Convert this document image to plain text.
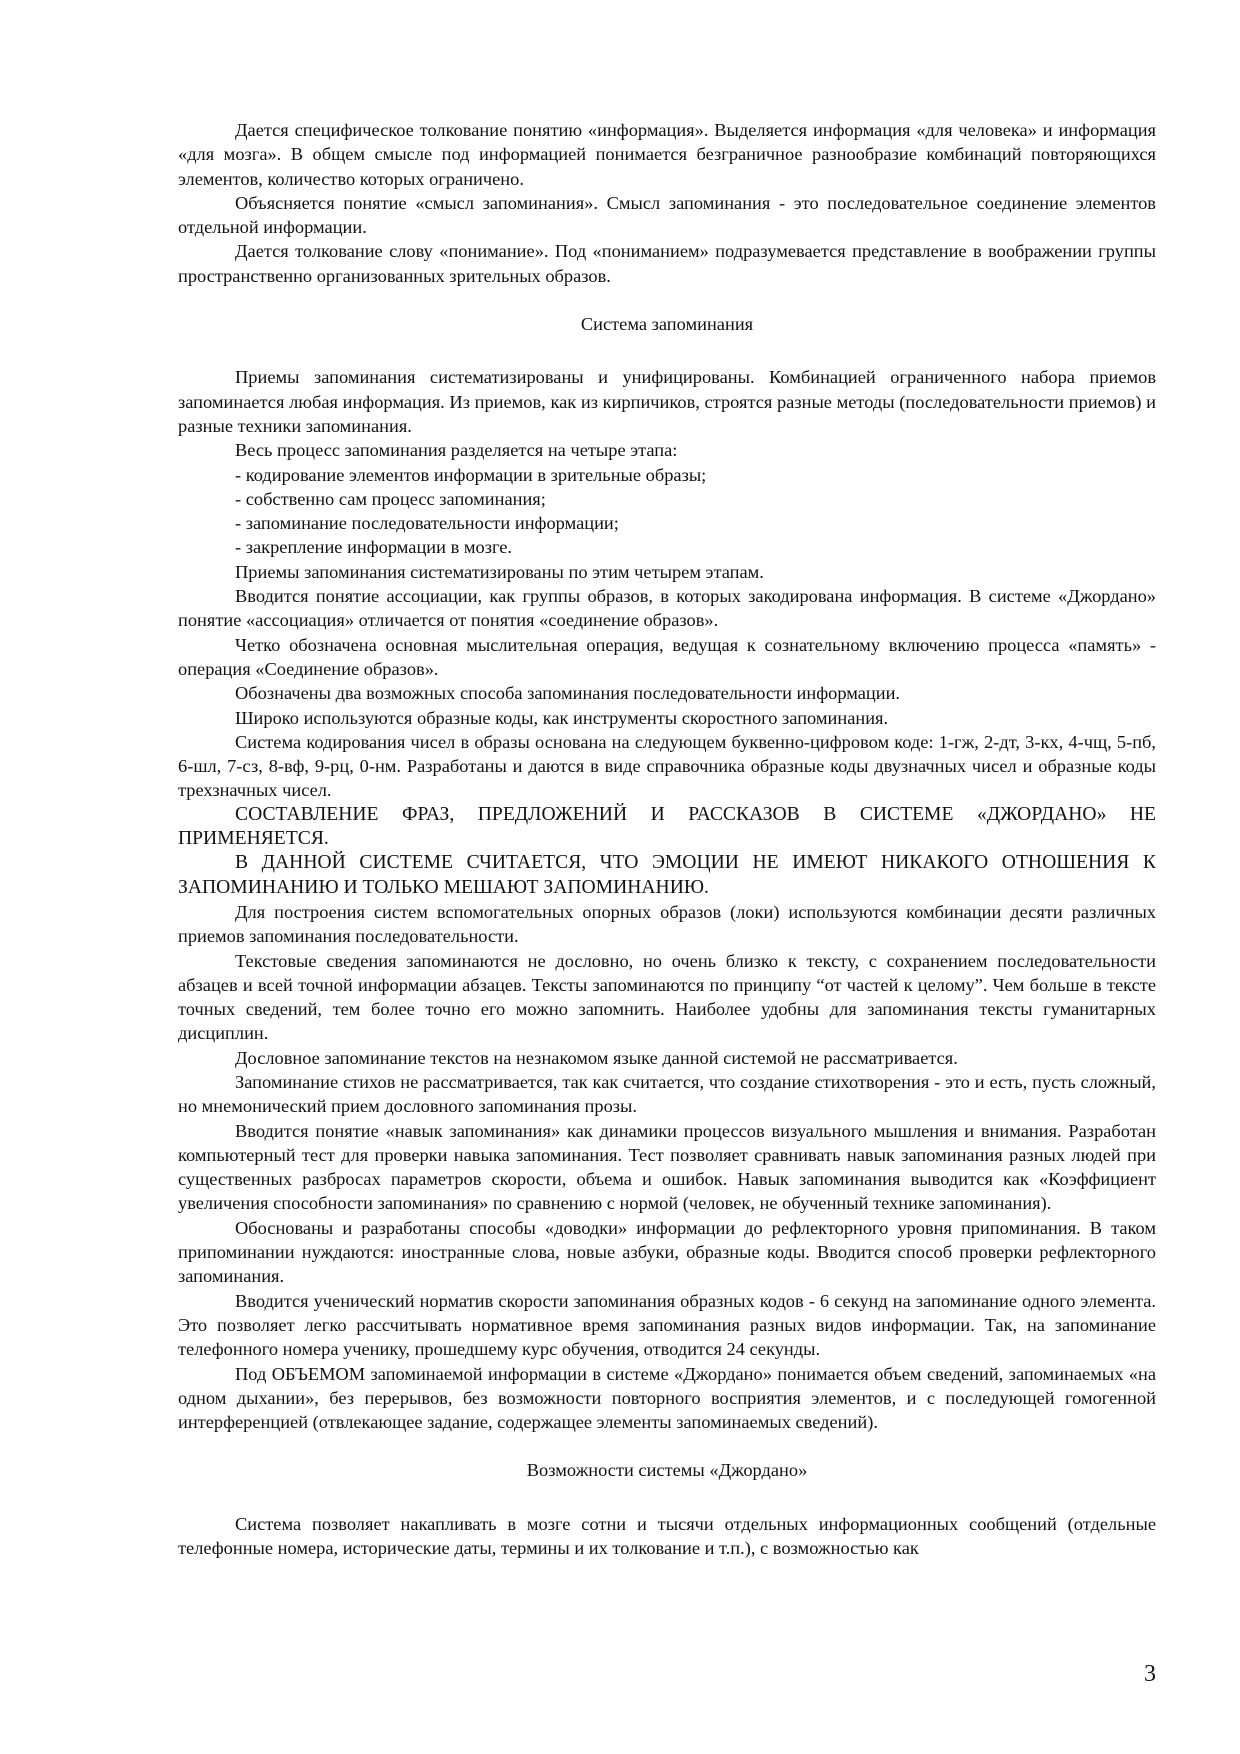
Дается специфическое толкование понятию «информация». Выделяется информация «для человека» и информация «для мозга». В общем смысле под информацией понимается безграничное разнообразие комбинаций повторяющихся элементов, количество которых ограничено.

Объясняется понятие «смысл запоминания». Смысл запоминания - это последовательное соединение элементов отдельной информации.

Дается толкование слову «понимание». Под «пониманием» подразумевается представление в воображении группы пространственно организованных зрительных образов.

Система запоминания

Приемы запоминания систематизированы и унифицированы. Комбинацией ограниченного набора приемов запоминается любая информация. Из приемов, как из кирпичиков, строятся разные методы (последовательности приемов) и разные техники запоминания.

Весь процесс запоминания разделяется на четыре этапа:

- кодирование элементов информации в зрительные образы;

- собственно сам процесс запоминания;

- запоминание последовательности информации;

- закрепление информации в мозге.

Приемы запоминания систематизированы по этим четырем этапам.

Вводится понятие ассоциации, как группы образов, в которых закодирована информация. В системе «Джордано» понятие «ассоциация» отличается от понятия «соединение образов».

Четко обозначена основная мыслительная операция, ведущая к сознательному включению процесса «память» - операция «Соединение образов».

Обозначены два возможных способа запоминания последовательности информации.

Широко используются образные коды, как инструменты скоростного запоминания.

Система кодирования чисел в образы основана на следующем буквенно-цифровом коде: 1-гж, 2-дт, 3-кх, 4-чщ, 5-пб, 6-шл, 7-сз, 8-вф, 9-рц, 0-нм. Разработаны и даются в виде справочника образные коды двузначных чисел и образные коды трехзначных чисел.

СОСТАВЛЕНИЕ ФРАЗ, ПРЕДЛОЖЕНИЙ И РАССКАЗОВ В СИСТЕМЕ «ДЖОРДАНО» НЕ ПРИМЕНЯЕТСЯ.

В ДАННОЙ СИСТЕМЕ СЧИТАЕТСЯ, ЧТО ЭМОЦИИ НЕ ИМЕЮТ НИКАКОГО ОТНОШЕНИЯ К ЗАПОМИНАНИЮ И ТОЛЬКО МЕШАЮТ ЗАПОМИНАНИЮ.

Для построения систем вспомогательных опорных образов (локи) используются комбинации десяти различных приемов запоминания последовательности.

Текстовые сведения запоминаются не дословно, но очень близко к тексту, с сохранением последовательности абзацев и всей точной информации абзацев. Тексты запоминаются по принципу “от частей к целому”. Чем больше в тексте точных сведений, тем более точно его можно запомнить. Наиболее удобны для запоминания тексты гуманитарных дисциплин.

Дословное запоминание текстов на незнакомом языке данной системой не рассматривается.

Запоминание стихов не рассматривается, так как считается, что создание стихотворения - это и есть, пусть сложный, но мнемонический прием дословного запоминания прозы.

Вводится понятие «навык запоминания» как динамики процессов визуального мышления и внимания. Разработан компьютерный тест для проверки навыка запоминания. Тест позволяет сравнивать навык запоминания разных людей при существенных разбросах параметров скорости, объема и ошибок. Навык запоминания выводится как «Коэффициент увеличения способности запоминания» по сравнению с нормой (человек, не обученный технике запоминания).

Обоснованы и разработаны способы «доводки» информации до рефлекторного уровня припоминания. В таком припоминании нуждаются: иностранные слова, новые азбуки, образные коды. Вводится способ проверки рефлекторного запоминания.

Вводится ученический норматив скорости запоминания образных кодов - 6 секунд на запоминание одного элемента. Это позволяет легко рассчитывать нормативное время запоминания разных видов информации. Так, на запоминание телефонного номера ученику, прошедшему курс обучения, отводится 24 секунды.

Под ОБЪЕМОМ запоминаемой информации в системе «Джордано» понимается объем сведений, запоминаемых «на одном дыхании», без перерывов, без возможности повторного восприятия элементов, и с последующей гомогенной интерференцией (отвлекающее задание, содержащее элементы запоминаемых сведений).

Возможности системы «Джордано»

Система позволяет накапливать в мозге сотни и тысячи отдельных информационных сообщений (отдельные телефонные номера, исторические даты, термины и их толкование и т.п.), с возможностью как

3
